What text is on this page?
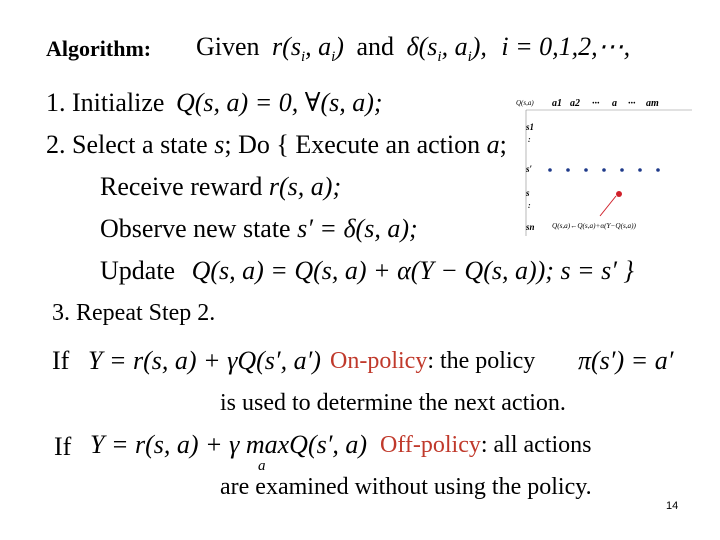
Algorithm: Given $r(s_i$, $a_i$) and $\delta(s_i$, $a_i$), i = 0,1,2,⋯,
1. Initialize Q(s, a) = 0, ∀(s, a);
2. Select a state s; Do { Execute an action a;
Receive reward r(s, a);
Observe new state s′ = δ(s, a);
Update Q(s, a) = Q(s, a) + α(Y − Q(s, a)); s = s′ }
Q(s,a) a1 a2 ··· a ··· am
s1
:
s′
s
:
sn Q(s,a)←Q(s,a)+α(Y−Q(s,a))
3. Repeat Step 2.
If Y = r(s, a) + γQ(s′, a′) On-policy: the policy π(s′) = a′
is used to determine the next action.
If Y = r(s, a) + γ maxQ(s′, a)
a
Off-policy: all actions
are examined without using the policy.
14
